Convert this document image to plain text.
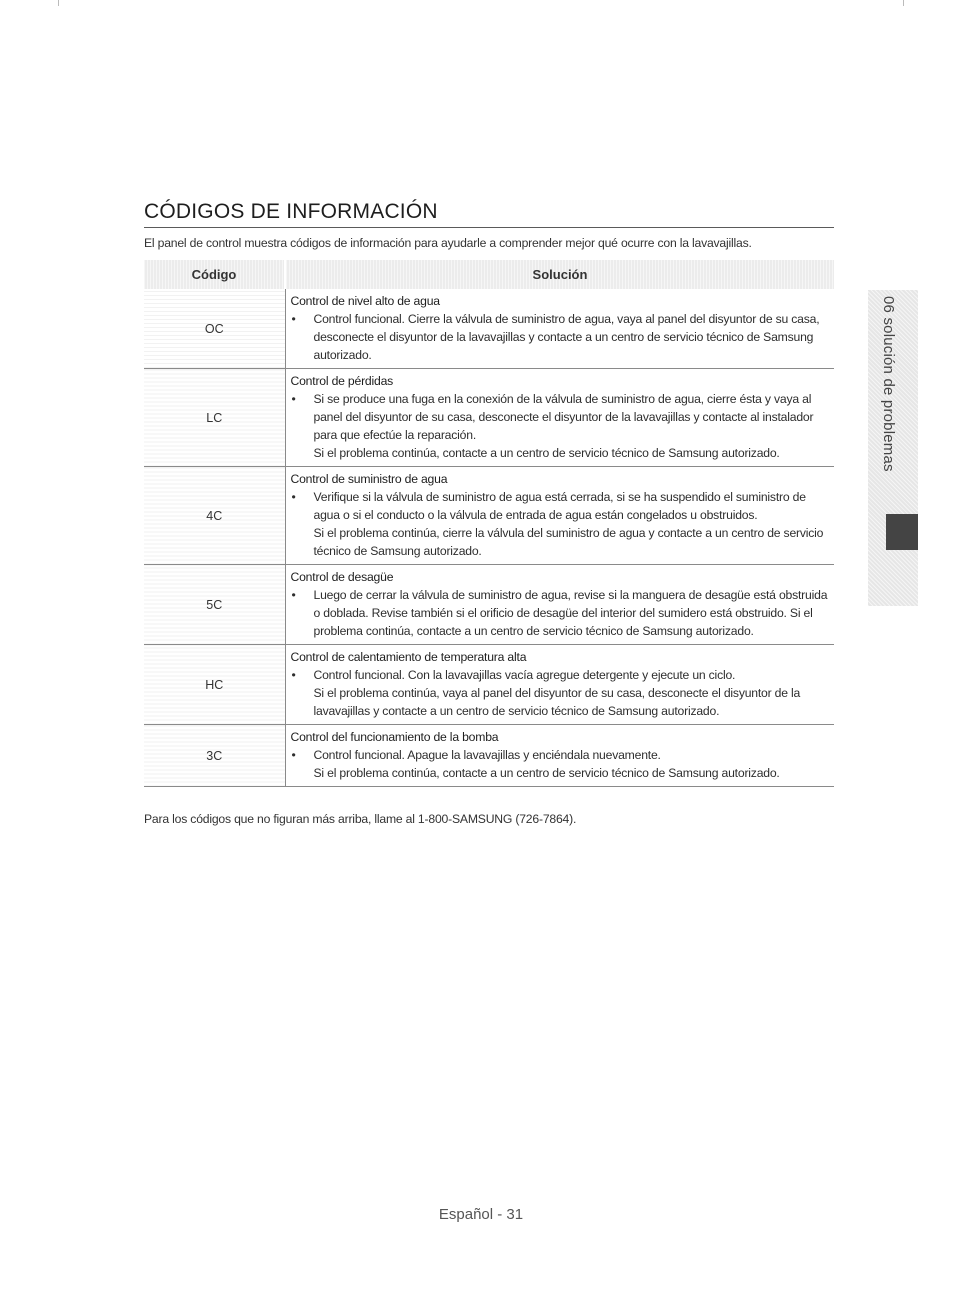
CÓDIGOS DE INFORMACIÓN
El panel de control muestra códigos de información para ayudarle a comprender mejor qué ocurre con la lavavajillas.
Código	Solución
OC	Control de nivel alto de agua
• Control funcional. Cierre la válvula de suministro de agua, vaya al panel del disyuntor de su casa, desconecte el disyuntor de la lavavajillas y contacte a un centro de servicio técnico de Samsung autorizado.

LC	Control de pérdidas
• Si se produce una fuga en la conexión de la válvula de suministro de agua, cierre ésta y vaya al panel del disyuntor de su casa, desconecte el disyuntor de la lavavajillas y contacte al instalador para que efectúe la reparación.

Si el problema continúa, contacte a un centro de servicio técnico de Samsung autorizado.

4C	Control de suministro de agua
• Verifique si la válvula de suministro de agua está cerrada, si se ha suspendido el suministro de agua o si el conducto o la válvula de entrada de agua están congelados u obstruidos.

Si el problema continúa, cierre la válvula del suministro de agua y contacte a un centro de servicio técnico de Samsung autorizado.

5C	Control de desagüe
• Luego de cerrar la válvula de suministro de agua, revise si la manguera de desagüe está obstruida o doblada. Revise también si el orificio de desagüe del interior del sumidero está obstruido. Si el problema continúa, contacte a un centro de servicio técnico de Samsung autorizado.

HC	Control de calentamiento de temperatura alta
• Control funcional. Con la lavavajillas vacía agregue detergente y ejecute un ciclo.

Si el problema continúa, vaya al panel del disyuntor de su casa, desconecte el disyuntor de la lavavajillas y contacte a un centro de servicio técnico de Samsung autorizado.

3C	Control del funcionamiento de la bomba
• Control funcional. Apague la lavavajillas y enciéndala nuevamente.

Si el problema continúa, contacte a un centro de servicio técnico de Samsung autorizado.

Para los códigos que no figuran más arriba, llame al 1-800-SAMSUNG (726-7864).
06 solución de problemas
Español - 31
